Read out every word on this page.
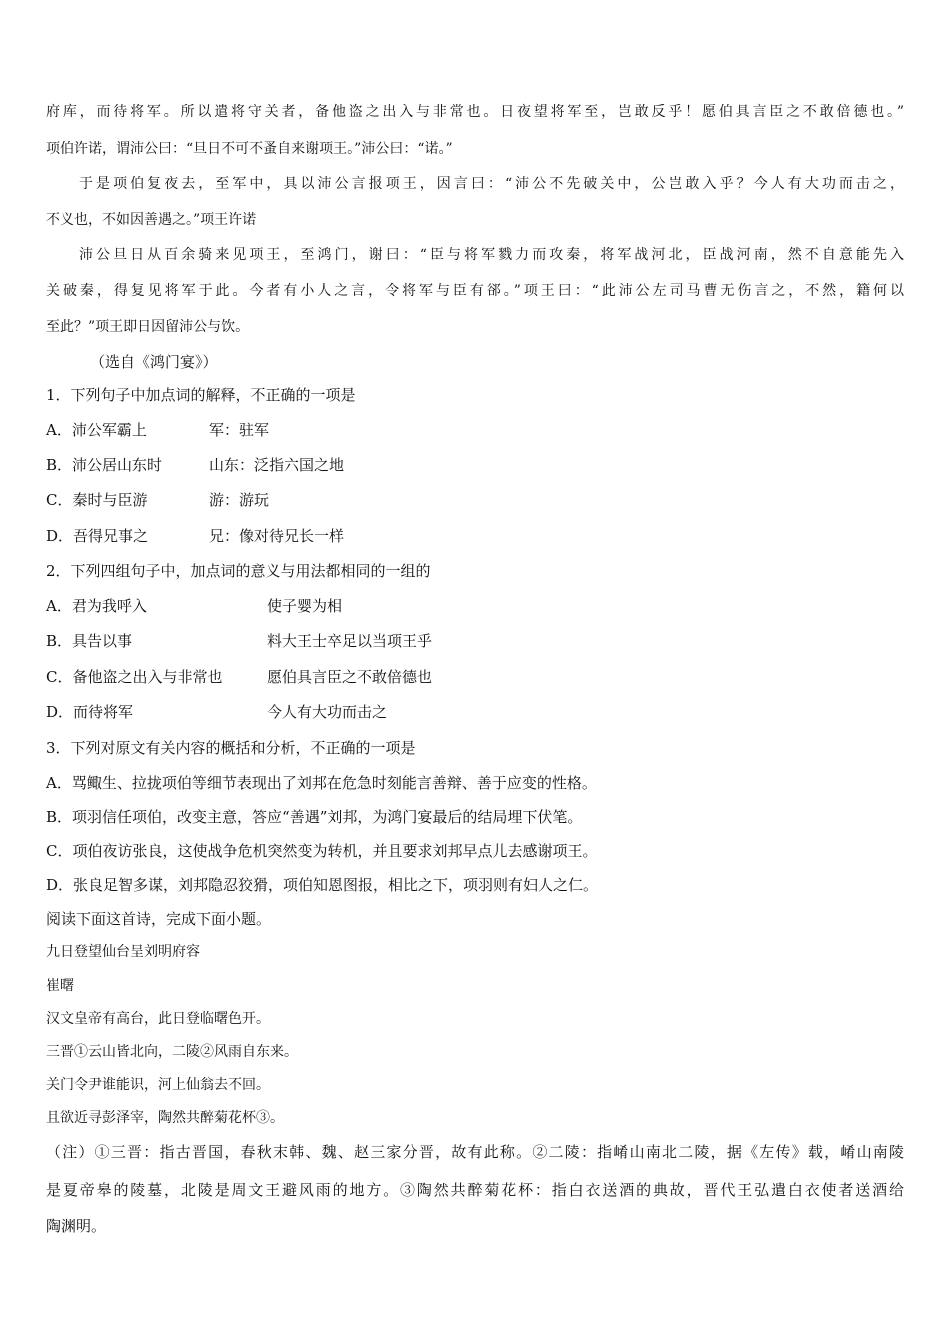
府库，而待将军。所以遣将守关者，备他盗之出入与非常也。日夜望将军至，岂敢反乎！愿伯具言臣之不敢倍德也。”
项伯许诺，谓沛公曰：“旦日不可不蚤自来谢项王。”沛公曰：“诺。”
于是项伯复夜去，至军中，具以沛公言报项王，因言曰：“沛公不先破关中，公岂敢入乎？今人有大功而击之，
不义也，不如因善遇之。”项王许诺
沛公旦日从百余骑来见项王，至鸿门，谢曰：“臣与将军戮力而攻秦，将军战河北，臣战河南，然不自意能先入
关破秦，得复见将军于此。今者有小人之言，令将军与臣有郤。”项王曰：“此沛公左司马曹无伤言之，不然，籍何以
至此？”项王即日因留沛公与饮。
（选自《鸿门宴》）
1．下列句子中加点词的解释，不正确的一项是
A．沛公军霸上	军：驻军
B．沛公居山东时	山东：泛指六国之地
C．秦时与臣游	游：游玩
D．吾得兄事之	兄：像对待兄长一样
2．下列四组句子中，加点词的意义与用法都相同的一组的
A．君为我呼入	使子婴为相
B．具告以事	料大王士卒足以当项王乎
C．备他盗之出入与非常也	愿伯具言臣之不敢倍德也
D．而待将军	今人有大功而击之
3．下列对原文有关内容的概括和分析，不正确的一项是
A．骂鲰生、拉拢项伯等细节表现出了刘邦在危急时刻能言善辩、善于应变的性格。
B．项羽信任项伯，改变主意，答应“善遇”刘邦，为鸿门宴最后的结局埋下伏笔。
C．项伯夜访张良，这使战争危机突然变为转机，并且要求刘邦早点儿去感谢项王。
D．张良足智多谋，刘邦隐忍狡猾，项伯知恩图报，相比之下，项羽则有妇人之仁。
阅读下面这首诗，完成下面小题。
九日登望仙台呈刘明府容
崔曙
汉文皇帝有高台，此日登临曙色开。
三晋①云山皆北向，二陵②风雨自东来。
关门令尹谁能识，河上仙翁去不回。
且欲近寻彭泽宰，陶然共醉菊花杯③。
（注）①三晋：指古晋国，春秋末韩、魏、赵三家分晋，故有此称。②二陵：指崤山南北二陵，据《左传》载，崤山南陵
是夏帝皋的陵墓，北陵是周文王避风雨的地方。③陶然共醉菊花杯：指白衣送酒的典故，晋代王弘遣白衣使者送酒给
陶渊明。
